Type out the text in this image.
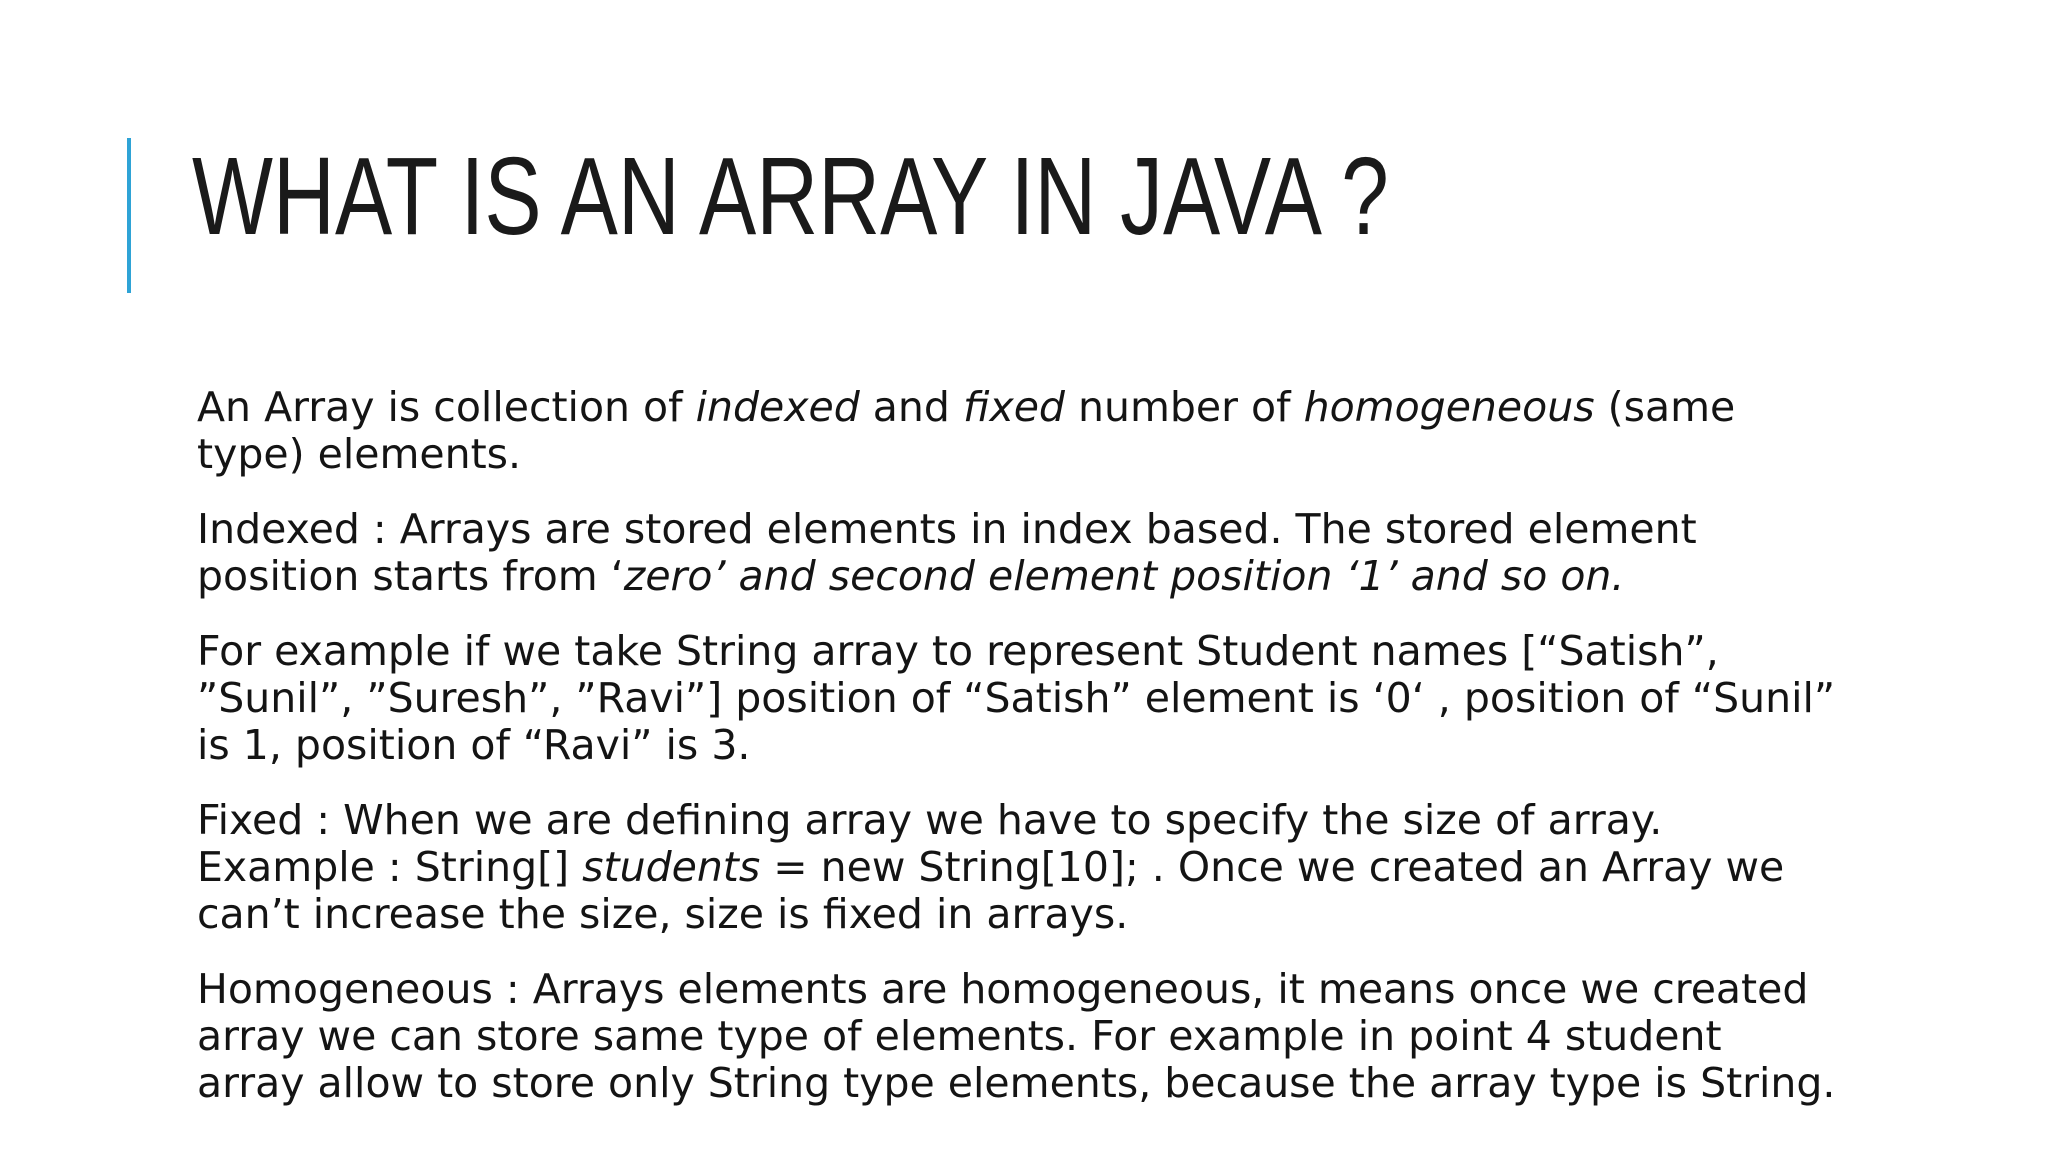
WHAT IS AN ARRAY IN JAVA ?

An Array is collection of indexed and fixed number of homogeneous (same type) elements.

Indexed : Arrays are stored elements in index based. The stored element position starts from ‘zero’ and second element position ‘1’ and so on.

For example if we take String array to represent Student names [“Satish”, ”Sunil”, ”Suresh”, ”Ravi”] position of “Satish” element is ‘0‘ , position of “Sunil” is 1, position of “Ravi” is 3.

Fixed : When we are defining array we have to specify the size of array. Example : String[] students = new String[10]; . Once we created an Array we can’t increase the size, size is fixed in arrays.

Homogeneous : Arrays elements are homogeneous, it means once we created array we can store same type of elements. For example in point 4 student array allow to store only String type elements, because the array type is String.
